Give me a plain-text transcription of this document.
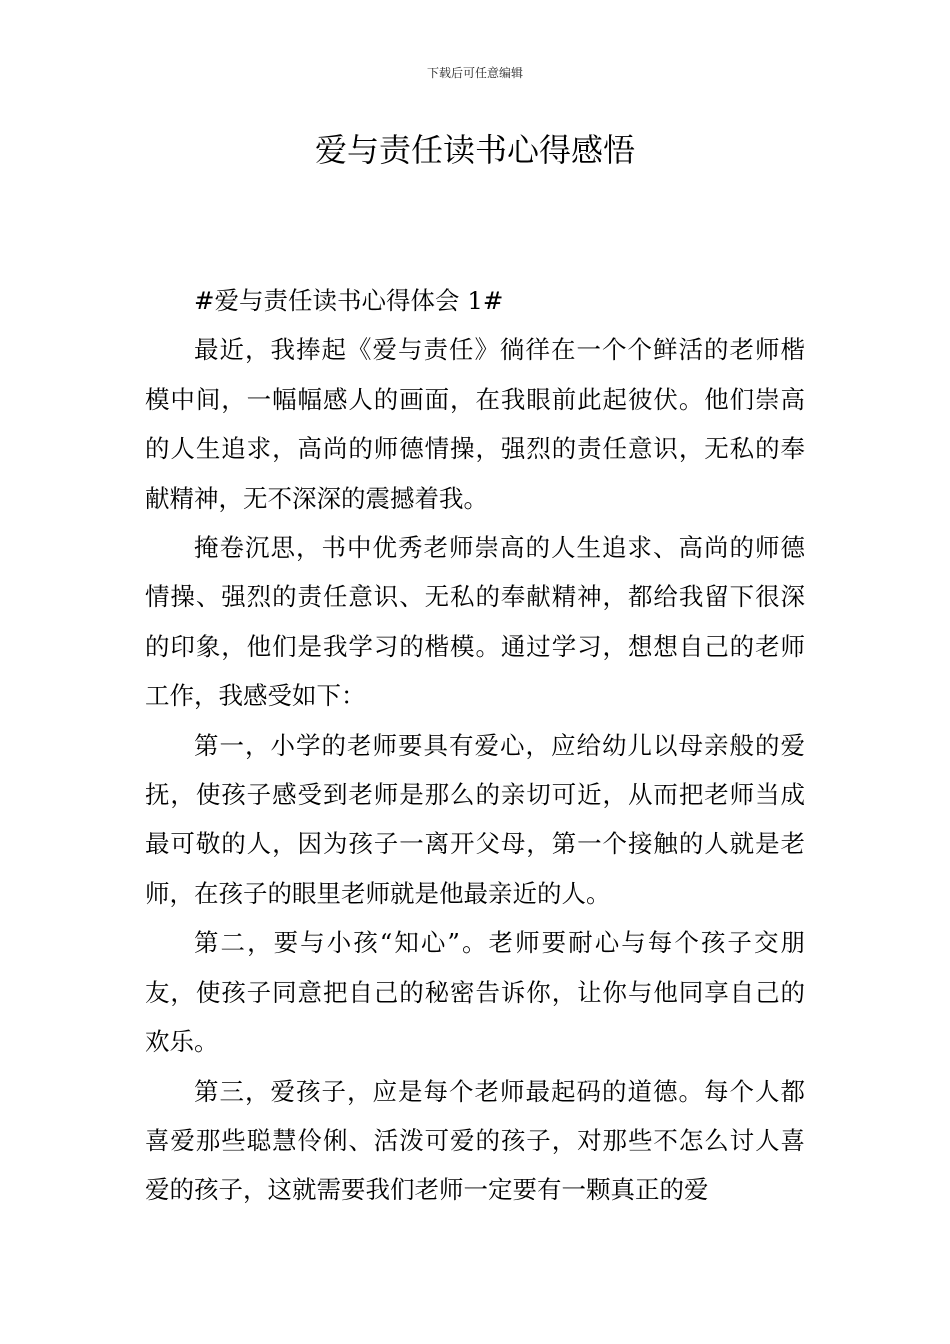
下载后可任意编辑
爱与责任读书心得感悟

#爱与责任读书心得体会 1#

最近，我捧起《爱与责任》徜徉在一个个鲜活的老师楷模中间，一幅幅感人的画面，在我眼前此起彼伏。他们崇高的人生追求，高尚的师德情操，强烈的责任意识，无私的奉献精神，无不深深的震撼着我。

掩卷沉思，书中优秀老师崇高的人生追求、高尚的师德情操、强烈的责任意识、无私的奉献精神，都给我留下很深的印象，他们是我学习的楷模。通过学习，想想自己的老师工作，我感受如下：

第一，小学的老师要具有爱心，应给幼儿以母亲般的爱抚，使孩子感受到老师是那么的亲切可近，从而把老师当成最可敬的人，因为孩子一离开父母，第一个接触的人就是老师，在孩子的眼里老师就是他最亲近的人。

第二，要与小孩“知心”。老师要耐心与每个孩子交朋友，使孩子同意把自己的秘密告诉你，让你与他同享自己的欢乐。

第三，爱孩子，应是每个老师最起码的道德。每个人都喜爱那些聪慧伶俐、活泼可爱的孩子，对那些不怎么讨人喜爱的孩子，这就需要我们老师一定要有一颗真正的爱
